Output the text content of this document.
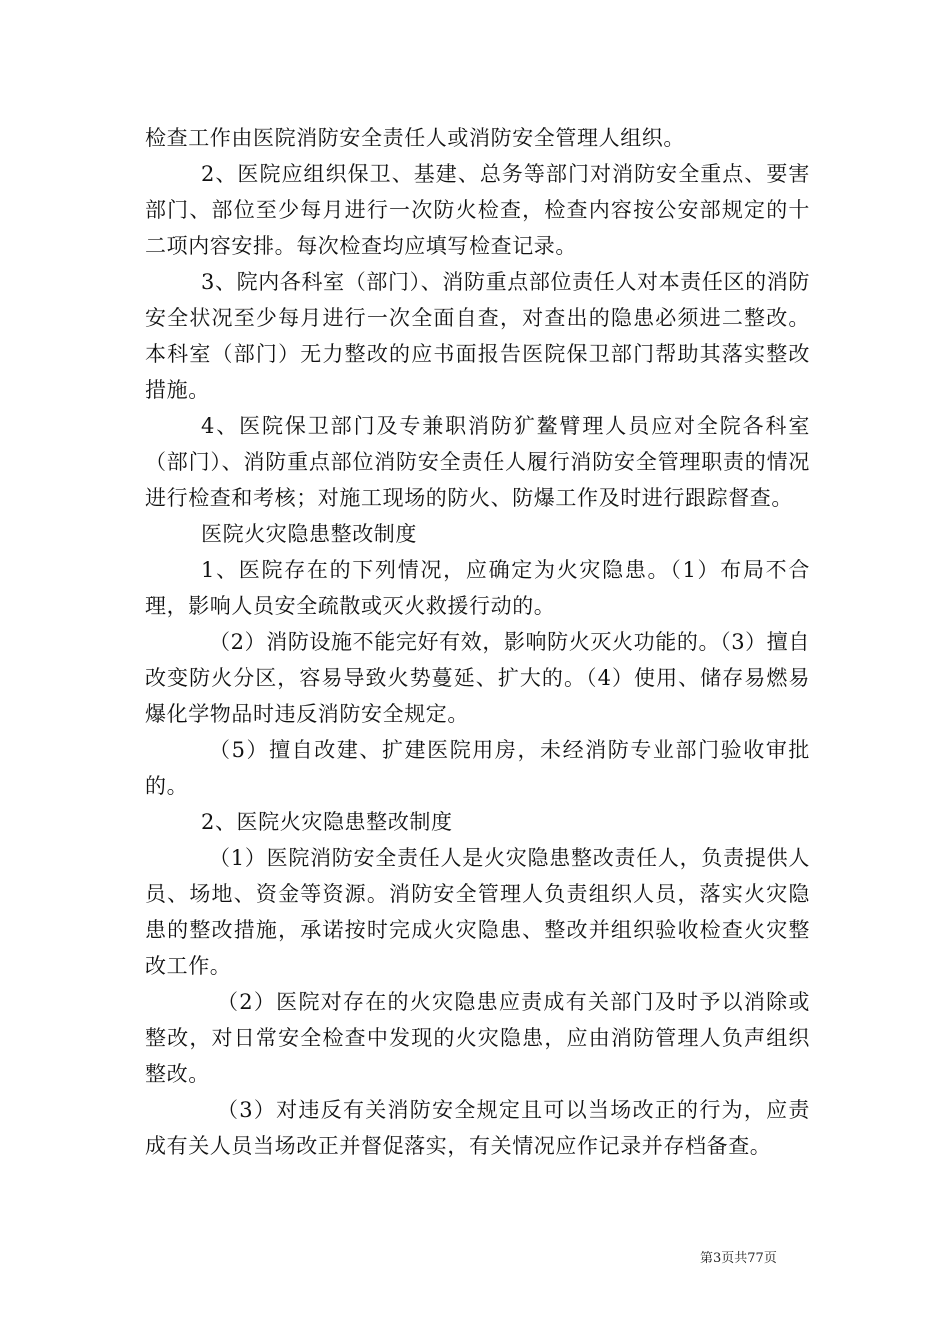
检查工作由医院消防安全责任人或消防安全管理人组织。

2、医院应组织保卫、基建、总务等部门对消防安全重点、要害部门、部位至少每月进行一次防火检查，检查内容按公安部规定的十二项内容安排。每次检查均应填写检查记录。

3、院内各科室（部门）、消防重点部位责任人对本责任区的消防安全状况至少每月进行一次全面自查，对查出的隐患必须进二整改。本科室（部门）无力整改的应书面报告医院保卫部门帮助其落实整改措施。

4、医院保卫部门及专兼职消防犷鳌臂理人员应对全院各科室（部门）、消防重点部位消防安全责任人履行消防安全管理职责的情况进行检查和考核；对施工现场的防火、防爆工作及时进行跟踪督查。

医院火灾隐患整改制度

1、医院存在的下列情况，应确定为火灾隐患。（1）布局不合理，影响人员安全疏散或灭火救援行动的。

（2）消防设施不能完好有效，影响防火灭火功能的。（3）擅自改变防火分区，容易导致火势蔓延、扩大的。（4）使用、储存易燃易爆化学物品时违反消防安全规定。

（5）擅自改建、扩建医院用房，未经消防专业部门验收审批的。

2、医院火灾隐患整改制度

（1）医院消防安全责任人是火灾隐患整改责任人，负责提供人员、场地、资金等资源。消防安全管理人负责组织人员，落实火灾隐患的整改措施，承诺按时完成火灾隐患、整改并组织验收检查火灾整改工作。

（2）医院对存在的火灾隐患应责成有关部门及时予以消除或整改，对日常安全检查中发现的火灾隐患，应由消防管理人负声组织整改。

（3）对违反有关消防安全规定且可以当场改正的行为，应责成有关人员当场改正并督促落实，有关情况应作记录并存档备查。

第3页共77页
